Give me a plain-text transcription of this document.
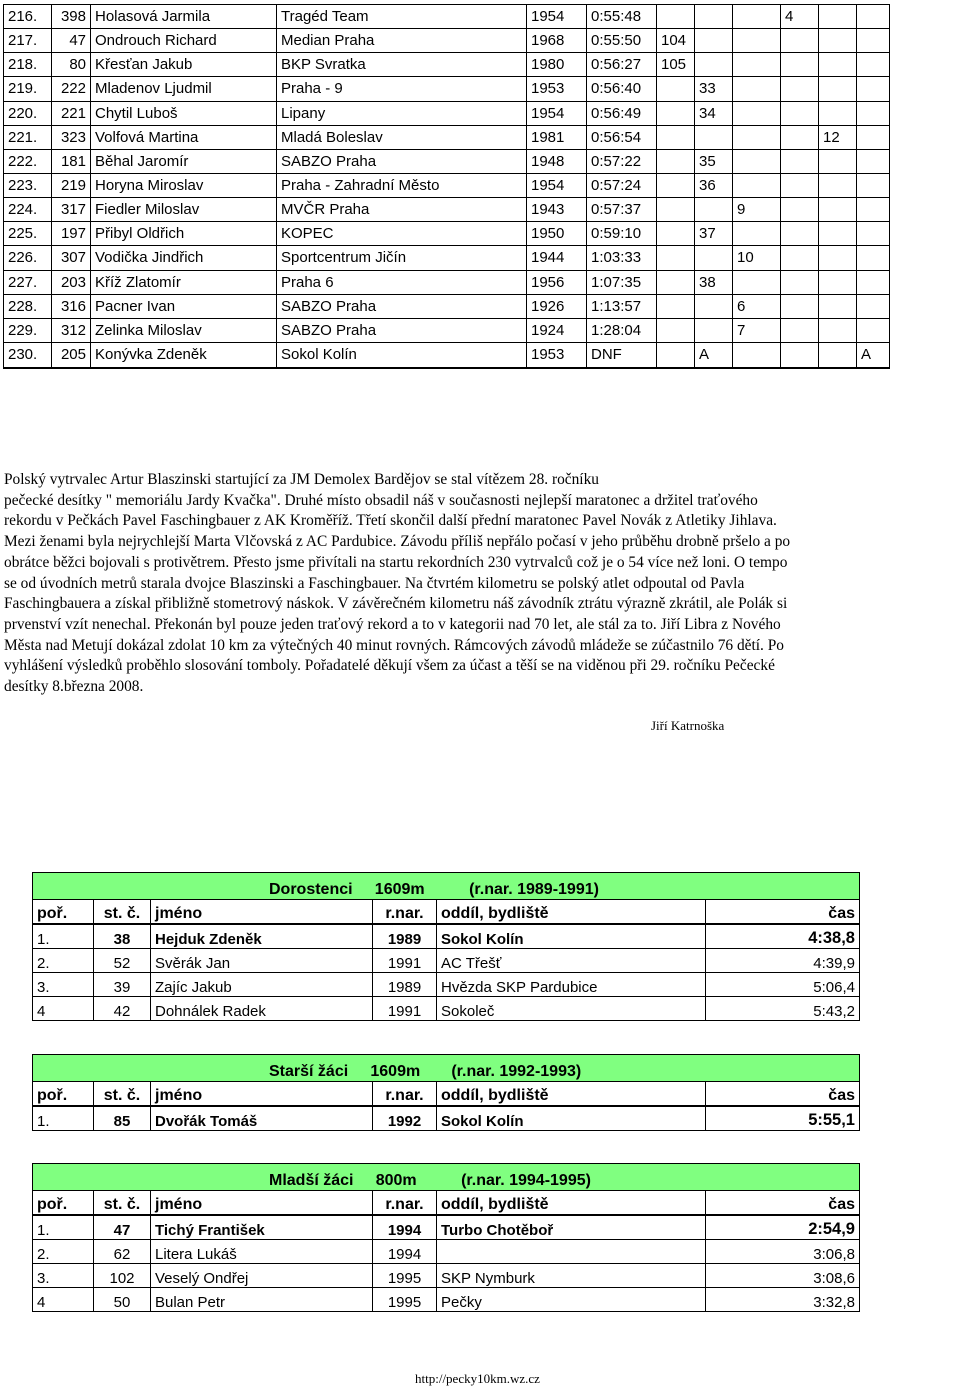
216.	398	Holasová Jarmila	Tragéd Team	1954	0:55:48				4		
217.	47	Ondrouch Richard	Median Praha	1968	0:55:50	104					
218.	80	Křesťan Jakub	BKP Svratka	1980	0:56:27	105					
219.	222	Mladenov Ljudmil	Praha - 9	1953	0:56:40		33				
220.	221	Chytil Luboš	Lipany	1954	0:56:49		34				
221.	323	Volfová Martina	Mladá Boleslav	1981	0:56:54					12	
222.	181	Běhal Jaromír	SABZO Praha	1948	0:57:22		35				
223.	219	Horyna Miroslav	Praha - Zahradní Město	1954	0:57:24		36				
224.	317	Fiedler Miloslav	MVČR Praha	1943	0:57:37			9			
225.	197	Přibyl Oldřich	KOPEC	1950	0:59:10		37				
226.	307	Vodička Jindřich	Sportcentrum Jičín	1944	1:03:33			10			
227.	203	Kříž Zlatomír	Praha 6	1956	1:07:35		38				
228.	316	Pacner Ivan	SABZO Praha	1926	1:13:57			6			
229.	312	Zelinka Miloslav	SABZO Praha	1924	1:28:04			7			
230.	205	Konývka Zdeněk	Sokol Kolín	1953	DNF		A				A

Polský vytrvalec Artur Blaszinski startující za JM Demolex Bardějov se stal vítězem 28. ročníku

pečecké desítky " memoriálu Jardy Kvačka". Druhé místo obsadil náš v současnosti nejlepší maratonec a držitel traťového

rekordu v Pečkách Pavel Faschingbauer z AK Kroměříž. Třetí skončil další přední maratonec Pavel Novák z Atletiky Jihlava.

Mezi ženami byla nejrychlejší Marta Vlčovská z AC Pardubice. Závodu příliš nepřálo počasí v jeho průběhu drobně pršelo a po

obrátce běžci bojovali s protivětrem. Přesto jsme přivítali na startu rekordních 230 vytrvalců což je o 54 více než loni. O tempo

se od úvodních metrů starala dvojce Blaszinski a Faschingbauer. Na čtvrtém kilometru se polský atlet odpoutal od Pavla

Faschingbauera a získal přibližně stometrový náskok. V závěrečném kilometru náš závodník ztrátu výrazně zkrátil, ale Polák si

prvenství vzít nenechal. Překonán byl pouze jeden traťový rekord a to v kategorii nad 70 let, ale stál za to. Jiří Libra z Nového

Města nad Metují dokázal zdolat 10 km za výtečných 40 minut rovných. Rámcových závodů mládeže se zúčastnilo 76 dětí. Po

vyhlášení výsledků proběhlo slosování tomboly. Pořadatelé děkují všem za účast a těší se na viděnou při 29. ročníku Pečecké

desítky 8.března 2008.

Jiří Katrnoška
Dorostenci     1609m          (r.nar. 1989-1991)					
poř.	st. č.	jméno	r.nar.	oddíl, bydliště	čas
1.	38	Hejduk Zdeněk	1989	Sokol Kolín	4:38,8
2.	52	Svěrák Jan	1991	AC Třešť	4:39,9
3.	39	Zajíc Jakub	1989	Hvězda SKP Pardubice	5:06,4
4	42	Dohnálek Radek	1991	Sokoleč	5:43,2
Starší žáci     1609m       (r.nar. 1992-1993)					
poř.	st. č.	jméno	r.nar.	oddíl, bydliště	čas
1.	85	Dvořák Tomáš	1992	Sokol Kolín	5:55,1
Mladší žáci     800m          (r.nar. 1994-1995)					
poř.	st. č.	jméno	r.nar.	oddíl, bydliště	čas
1.	47	Tichý František	1994	Turbo Chotěboř	2:54,9
2.	62	Litera Lukáš	1994		3:06,8
3.	102	Veselý Ondřej	1995	SKP Nymburk	3:08,6
4	50	Bulan Petr	1995	Pečky	3:32,8
http://pecky10km.wz.cz
